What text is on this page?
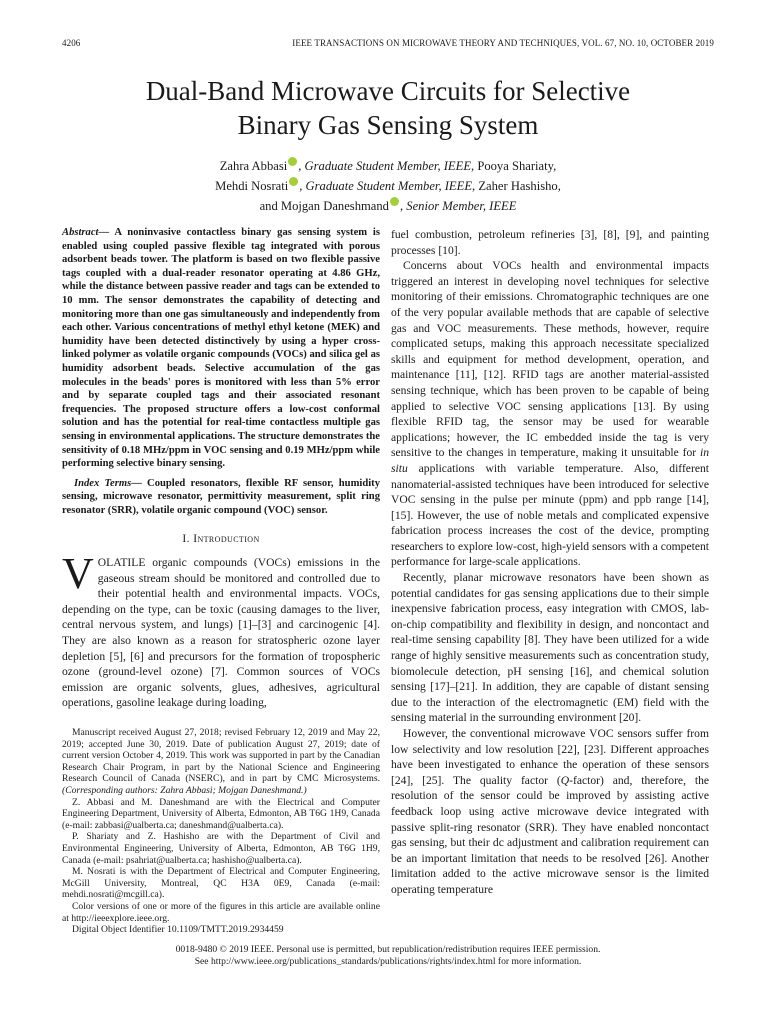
4206	IEEE TRANSACTIONS ON MICROWAVE THEORY AND TECHNIQUES, VOL. 67, NO. 10, OCTOBER 2019
Dual-Band Microwave Circuits for Selective
Binary Gas Sensing System
Zahra Abbasi , Graduate Student Member, IEEE, Pooya Shariaty,
Mehdi Nosrati , Graduate Student Member, IEEE, Zaher Hashisho,
and Mojgan Daneshmand , Senior Member, IEEE

Abstract— A noninvasive contactless binary gas sensing system is enabled using coupled passive flexible tag integrated with porous adsorbent beads tower. The platform is based on two flexible passive tags coupled with a dual-reader resonator operating at 4.86 GHz, while the distance between passive reader and tags can be extended to 10 mm. The sensor demonstrates the capability of detecting and monitoring more than one gas simultaneously and independently from each other. Various concentrations of methyl ethyl ketone (MEK) and humidity have been detected distinctively by using a hyper cross-linked polymer as volatile organic compounds (VOCs) and silica gel as humidity adsorbent beads. Selective accumulation of the gas molecules in the beads' pores is monitored with less than 5% error and by separate coupled tags and their associated resonant frequencies. The proposed structure offers a low-cost conformal solution and has the potential for real-time contactless multiple gas sensing in environmental applications. The structure demonstrates the sensitivity of 0.18 MHz/ppm in VOC sensing and 0.19 MHz/ppm while performing selective binary sensing.

Index Terms— Coupled resonators, flexible RF sensor, humidity sensing, microwave resonator, permittivity measurement, split ring resonator (SRR), volatile organic compound (VOC) sensor.

I. Introduction

VOLATILE organic compounds (VOCs) emissions in the gaseous stream should be monitored and controlled due to their potential health and environmental impacts. VOCs, depending on the type, can be toxic (causing damages to the liver, central nervous system, and lungs) [1]–[3] and carcinogenic [4]. They are also known as a reason for stratospheric ozone layer depletion [5], [6] and precursors for the formation of tropospheric ozone (ground-level ozone) [7]. Common sources of VOCs emission are organic solvents, glues, adhesives, agricultural operations, gasoline leakage during loading,

Manuscript received August 27, 2018; revised February 12, 2019 and May 22, 2019; accepted June 30, 2019. Date of publication August 27, 2019; date of current version October 4, 2019. This work was supported in part by the Canadian Research Chair Program, in part by the National Science and Engineering Research Council of Canada (NSERC), and in part by CMC Microsystems. (Corresponding authors: Zahra Abbasi; Mojgan Daneshmand.)

Z. Abbasi and M. Daneshmand are with the Electrical and Computer Engineering Department, University of Alberta, Edmonton, AB T6G 1H9, Canada (e-mail: zabbasi@ualberta.ca; daneshmand@ualberta.ca).

P. Shariaty and Z. Hashisho are with the Department of Civil and Environmental Engineering, University of Alberta, Edmonton, AB T6G 1H9, Canada (e-mail: psahriat@ualberta.ca; hashisho@ualberta.ca).

M. Nosrati is with the Department of Electrical and Computer Engineering, McGill University, Montreal, QC H3A 0E9, Canada (e-mail: mehdi.nosrati@mcgill.ca).

Color versions of one or more of the figures in this article are available online at http://ieeexplore.ieee.org.

Digital Object Identifier 10.1109/TMTT.2019.2934459

fuel combustion, petroleum refineries [3], [8], [9], and painting processes [10].

Concerns about VOCs health and environmental impacts triggered an interest in developing novel techniques for selective monitoring of their emissions. Chromatographic techniques are one of the very popular available methods that are capable of selective gas and VOC measurements. These methods, however, require complicated setups, making this approach necessitate specialized skills and equipment for method development, operation, and maintenance [11], [12]. RFID tags are another material-assisted sensing technique, which has been proven to be capable of being applied to selective VOC sensing applications [13]. By using flexible RFID tag, the sensor may be used for wearable applications; however, the IC embedded inside the tag is very sensitive to the changes in temperature, making it unsuitable for in situ applications with variable temperature. Also, different nanomaterial-assisted techniques have been introduced for selective VOC sensing in the pulse per minute (ppm) and ppb range [14], [15]. However, the use of noble metals and complicated expensive fabrication process increases the cost of the device, prompting researchers to explore low-cost, high-yield sensors with a competent performance for large-scale applications.

Recently, planar microwave resonators have been shown as potential candidates for gas sensing applications due to their simple inexpensive fabrication process, easy integration with CMOS, lab-on-chip compatibility and flexibility in design, and noncontact and real-time sensing capability [8]. They have been utilized for a wide range of highly sensitive measurements such as concentration study, biomolecule detection, pH sensing [16], and chemical solution sensing [17]–[21]. In addition, they are capable of distant sensing due to the interaction of the electromagnetic (EM) field with the sensing material in the surrounding environment [20].

However, the conventional microwave VOC sensors suffer from low selectivity and low resolution [22], [23]. Different approaches have been investigated to enhance the operation of these sensors [24], [25]. The quality factor (Q-factor) and, therefore, the resolution of the sensor could be improved by assisting active feedback loop using active microwave device integrated with passive split-ring resonator (SRR). They have enabled noncontact gas sensing, but their dc adjustment and calibration requirement can be an important limitation that needs to be resolved [26]. Another limitation added to the active microwave sensor is the limited operating temperature

0018-9480 © 2019 IEEE. Personal use is permitted, but republication/redistribution requires IEEE permission.
See http://www.ieee.org/publications_standards/publications/rights/index.html for more information.
